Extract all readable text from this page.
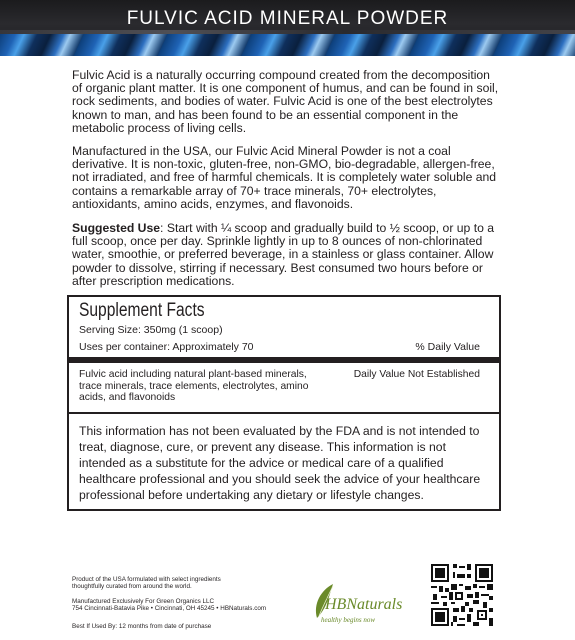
FULVIC ACID MINERAL POWDER

Fulvic Acid is a naturally occurring compound created from the decomposition of organic plant matter. It is one component of humus, and can be found in soil, rock sediments, and bodies of water. Fulvic Acid is one of the best electrolytes known to man, and has been found to be an essential component in the metabolic process of living cells.

Manufactured in the USA, our Fulvic Acid Mineral Powder is not a coal derivative. It is non-toxic, gluten-free, non-GMO, bio-degradable, allergen-free, not irradiated, and free of harmful chemicals. It is completely water soluble and contains a remarkable array of 70+ trace minerals, 70+ electrolytes, antioxidants, amino acids, enzymes, and flavonoids.

Suggested Use: Start with ¼ scoop and gradually build to ½ scoop, or up to a full scoop, once per day. Sprinkle lightly in up to 8 ounces of non-chlorinated water, smoothie, or preferred beverage, in a stainless or glass container. Allow powder to dissolve, stirring if necessary. Best consumed two hours before or after prescription medications.

Supplement Facts
Serving Size: 350mg (1 scoop)
Uses per container: Approximately 70	% Daily Value
Fulvic acid including natural plant-based minerals, trace minerals, trace elements, electrolytes, amino acids, and flavonoids
Daily Value Not Established
This information has not been evaluated by the FDA and is not intended to treat, diagnose, cure, or prevent any disease. This information is not intended as a substitute for the advice or medical care of a qualified healthcare professional and you should seek the advice of your healthcare professional before undertaking any dietary or lifestyle changes.
Product of the USA formulated with select ingredients
thoughtfully curated from around the world.
Manufactured Exclusively For Green Organics LLC
754 Cincinnati-Batavia Pike • Cincinnati, OH 45245 • HBNaturals.com
Best If Used By: 12 months from date of purchase
HBNaturals
healthy begins now
